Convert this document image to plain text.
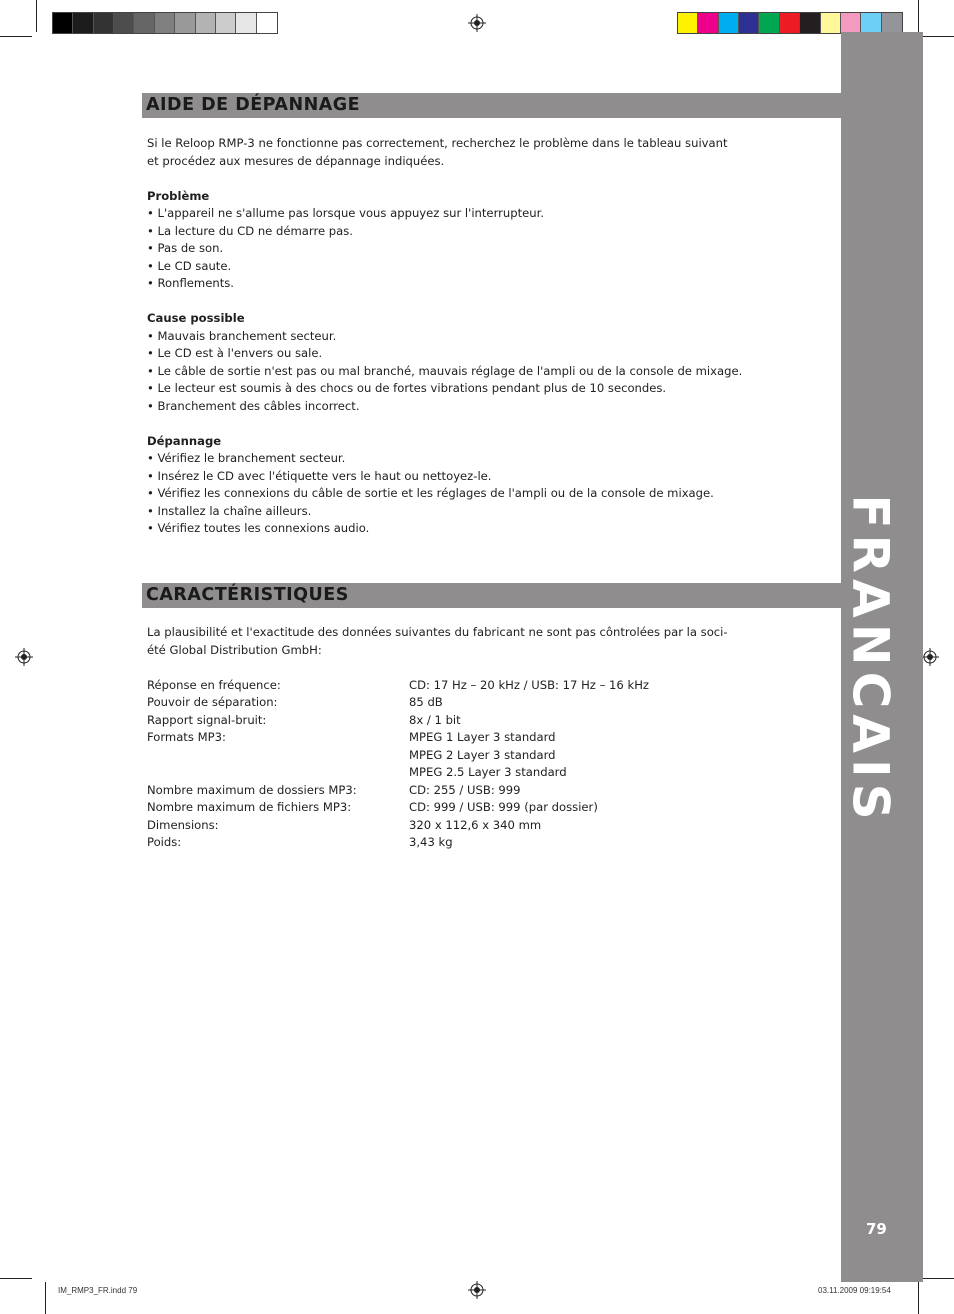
FRANCAIS
79
AIDE DE DÉPANNAGE

Si le Reloop RMP-3 ne fonctionne pas correctement, recherchez le problème dans le tableau suivant

et procédez aux mesures de dépannage indiquées.

Problème

• L'appareil ne s'allume pas lorsque vous appuyez sur l'interrupteur.

• La lecture du CD ne démarre pas.

• Pas de son.

• Le CD saute.

• Ronflements.

Cause possible

• Mauvais branchement secteur.

• Le CD est à l'envers ou sale.

• Le câble de sortie n'est pas ou mal branché, mauvais réglage de l'ampli ou de la console de mixage.

• Le lecteur est soumis à des chocs ou de fortes vibrations pendant plus de 10 secondes.

• Branchement des câbles incorrect.

Dépannage

• Vérifiez le branchement secteur.

• Insérez le CD avec l'étiquette vers le haut ou nettoyez-le.

• Vérifiez les connexions du câble de sortie et les réglages de l'ampli ou de la console de mixage.

• Installez la chaîne ailleurs.

• Vérifiez toutes les connexions audio.

CARACTÉRISTIQUES

La plausibilité et l'exactitude des données suivantes du fabricant ne sont pas côntrolées par la soci-

été Global Distribution GmbH:

Réponse en fréquence:	CD: 17 Hz – 20 kHz / USB: 17 Hz – 16 kHz
Pouvoir de séparation:	85 dB
Rapport signal-bruit:	8x / 1 bit
Formats MP3:	MPEG 1 Layer 3 standard
MPEG 2 Layer 3 standard
MPEG 2.5 Layer 3 standard
Nombre maximum de dossiers MP3:	CD: 255 / USB: 999
Nombre maximum de fichiers MP3:	CD: 999 / USB: 999 (par dossier)
Dimensions:	320 x 112,6 x 340 mm
Poids:	3,43 kg
IM_RMP3_FR.indd 79	03.11.2009 09:19:54
